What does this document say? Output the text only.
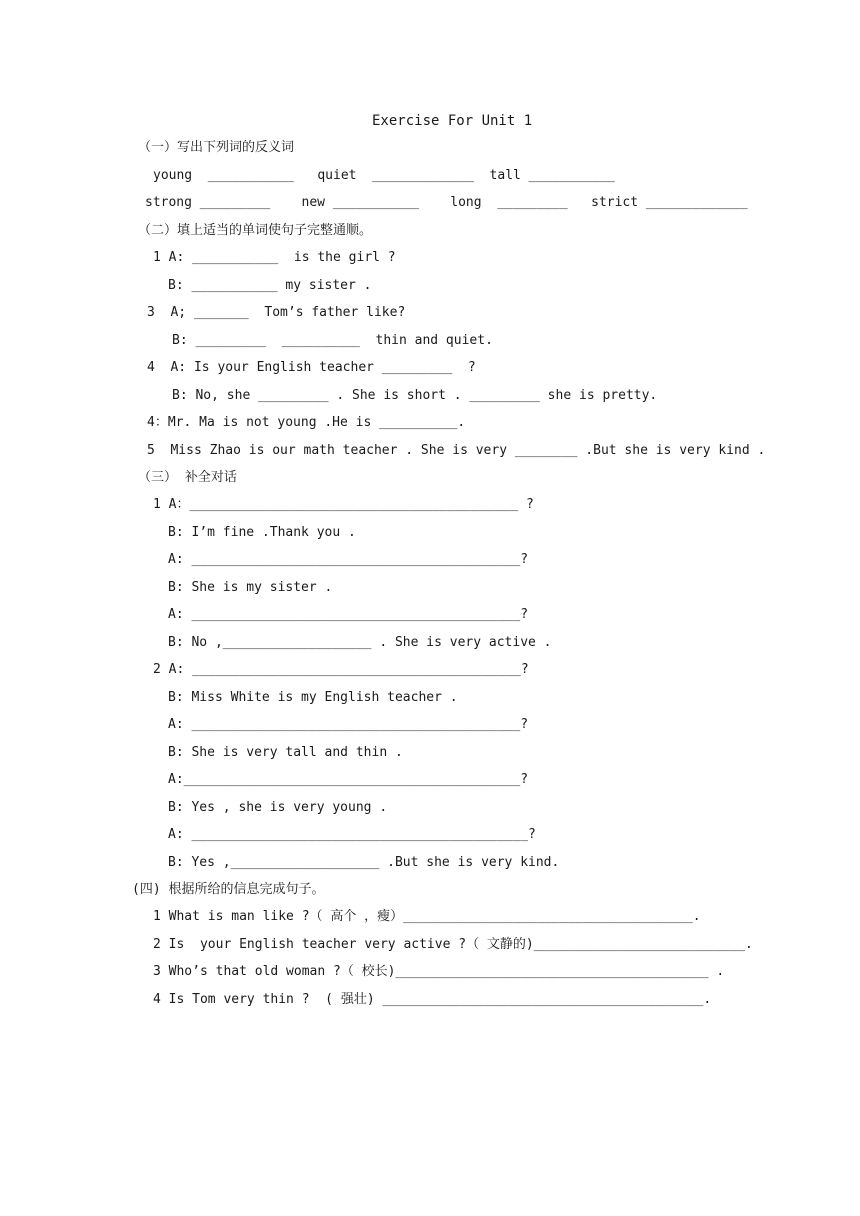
Exercise For Unit 1
（一）写出下列词的反义词
young  ___________   quiet  _____________  tall ___________
strong _________    new ___________    long  _________   strict _____________
（二）填上适当的单词使句子完整通顺。
1 A: ___________  is the girl ?
B: ___________ my sister .
3  A; _______  Tom’s father like?
B: _________  __________  thin and quiet.
4  A: Is your English teacher _________  ?
B: No, she _________ . She is short . _________ she is pretty.
4：Mr. Ma is not young .He is __________.
5  Miss Zhao is our math teacher . She is very ________ .But she is very kind .
（三） 补全对话
1 A：__________________________________________ ?
B: I’m fine .Thank you .
A: __________________________________________?
B: She is my sister .
A: __________________________________________?
B: No ,___________________ . She is very active .
2 A: __________________________________________?
B: Miss White is my English teacher .
A: __________________________________________?
B: She is very tall and thin .
A:___________________________________________?
B: Yes , she is very young .
A: ___________________________________________?
B: Yes ,___________________ .But she is very kind.
(四) 根据所给的信息完成句子。
1 What is man like ?（ 高个 ，瘦）_____________________________________.
2 Is  your English teacher very active ?（ 文静的)___________________________.
3 Who’s that old woman ?（ 校长)________________________________________ .
4 Is Tom very thin ?  ( 强壮) _________________________________________.
